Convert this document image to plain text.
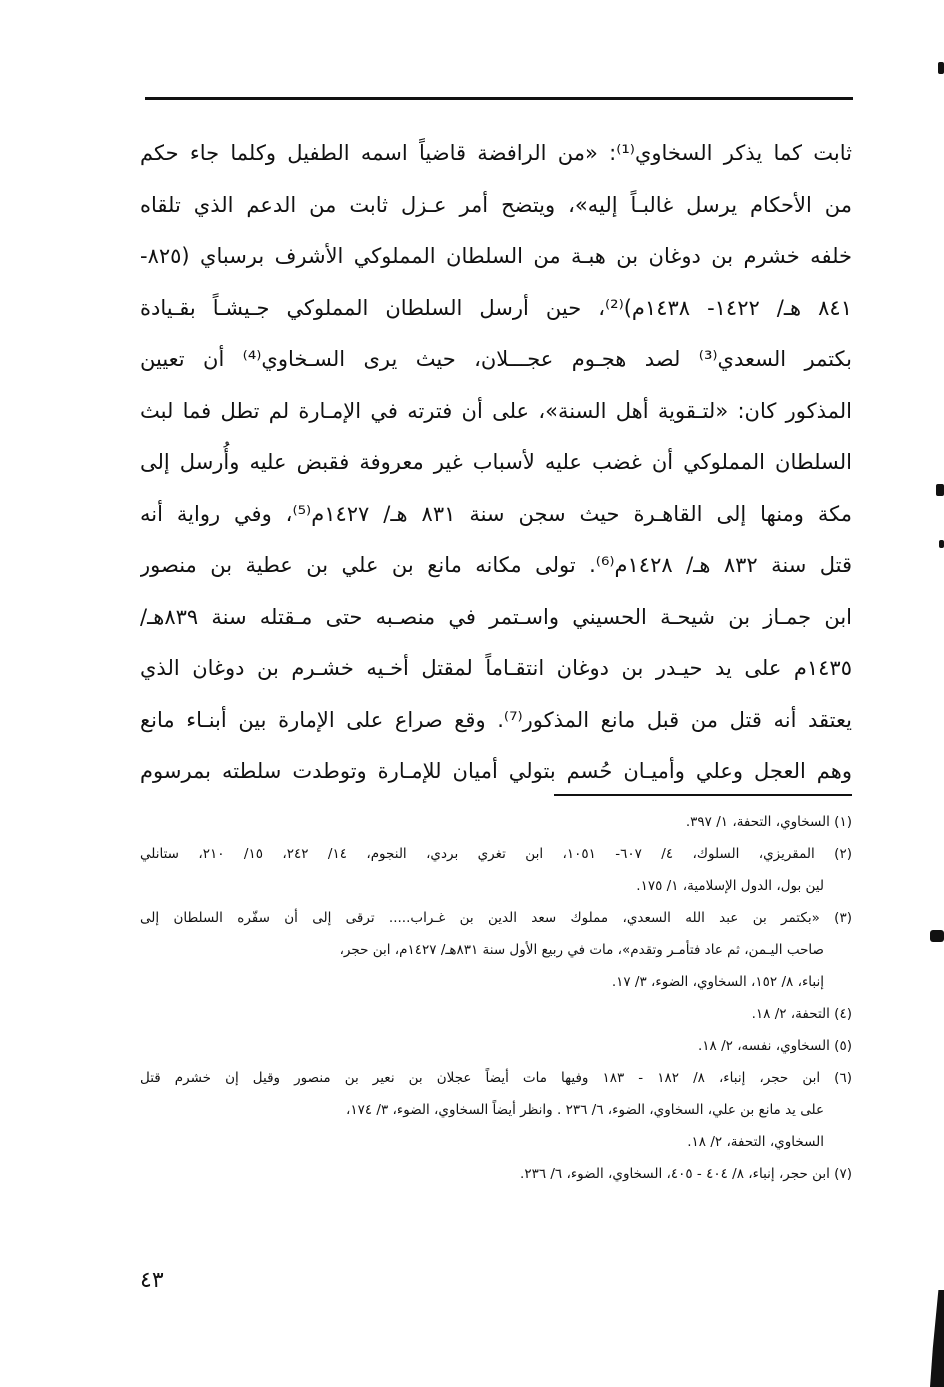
ثابت كما يذكر السخاوي⁽¹⁾: «من الرافضة قاضياً اسمه الطفيل وكلما جاء حكم
من الأحكام يرسل غالبـاً إليه»، ويتضح أمر عـزل ثابت من الدعم الذي تلقاه
خلفه خشرم بن دوغان بن هبـة من السلطان المملوكي الأشرف برسباي (٨٢٥-
٨٤١ هـ/ ١٤٢٢- ١٤٣٨م)⁽²⁾، حين أرسل السلطان المملوكي جـيشـاً بقـيادة
بكتمر السعدي⁽³⁾ لصد هجـوم عجـــلان، حيث يرى السـخاوي⁽⁴⁾ أن تعيين
المذكور كان: «لتـقوية أهل السنة»، على أن فترته في الإمـارة لم تطل فما لبث
السلطان المملوكي أن غضب عليه لأسباب غير معروفة فقبض عليه وأُرسل إلى
مكة ومنها إلى القاهـرة حيث سجن سنة ٨٣١ هـ/ ١٤٢٧م⁽⁵⁾، وفي رواية أنه
قتل سنة ٨٣٢ هـ/ ١٤٢٨م⁽⁶⁾. تولى مكانه مانع بن علي بن عطية بن منصور
ابن جمـاز بن شيحـة الحسيني واسـتمر في منصـبه حتى مـقتله سنة ٨٣٩هـ/
١٤٣٥م على يد حيـدر بن دوغان انتقـاماً لمقتل أخـيه خشـرم بن دوغان الذي
يعتقد أنه قتل من قبل مانع المذكور⁽⁷⁾. وقع صراع على الإمارة بين أبنـاء مانع
وهم العجل وعلي وأميـان حُسم بتولي أميان للإمـارة وتوطدت سلطته بمرسوم
(١) السخاوي، التحفة، ١/ ٣٩٧.
(٢) المقريزي، السلوك، ٤/ ٦٠٧- ١٠٥١، ابن تغري بردي، النجوم، ١٤/ ٢٤٢، ١٥/ ٢١٠، ستانلي
لين بول، الدول الإسلامية، ١/ ١٧٥.
(٣) «بكتمر بن عبد الله السعدي، مملوك سعد الدين بن غـراب..... ترقى إلى أن سفّره السلطان إلى
صاحب اليـمن، ثم عاد فتأمـر وتقدم»، مات في ربيع الأول سنة ٨٣١هـ/ ١٤٢٧م، ابن حجر،
إنباء، ٨/ ١٥٢، السخاوي، الضوء، ٣/ ١٧.
(٤) التحفة، ٢/ ١٨.
(٥) السخاوي، نفسه، ٢/ ١٨.
(٦) ابن حجر، إنباء، ٨/ ١٨٢ - ١٨٣ وفيها مات أيضاً عجلان بن نعير بن منصور وقيل إن خشرم قتل
على يد مانع بن علي، السخاوي، الضوء، ٦/ ٢٣٦ . وانظر أيضاً السخاوي، الضوء، ٣/ ١٧٤،
السخاوي، التحفة، ٢/ ١٨.
(٧) ابن حجر، إنباء، ٨/ ٤٠٤ - ٤٠٥، السخاوي، الضوء، ٦/ ٢٣٦.
٤٣
